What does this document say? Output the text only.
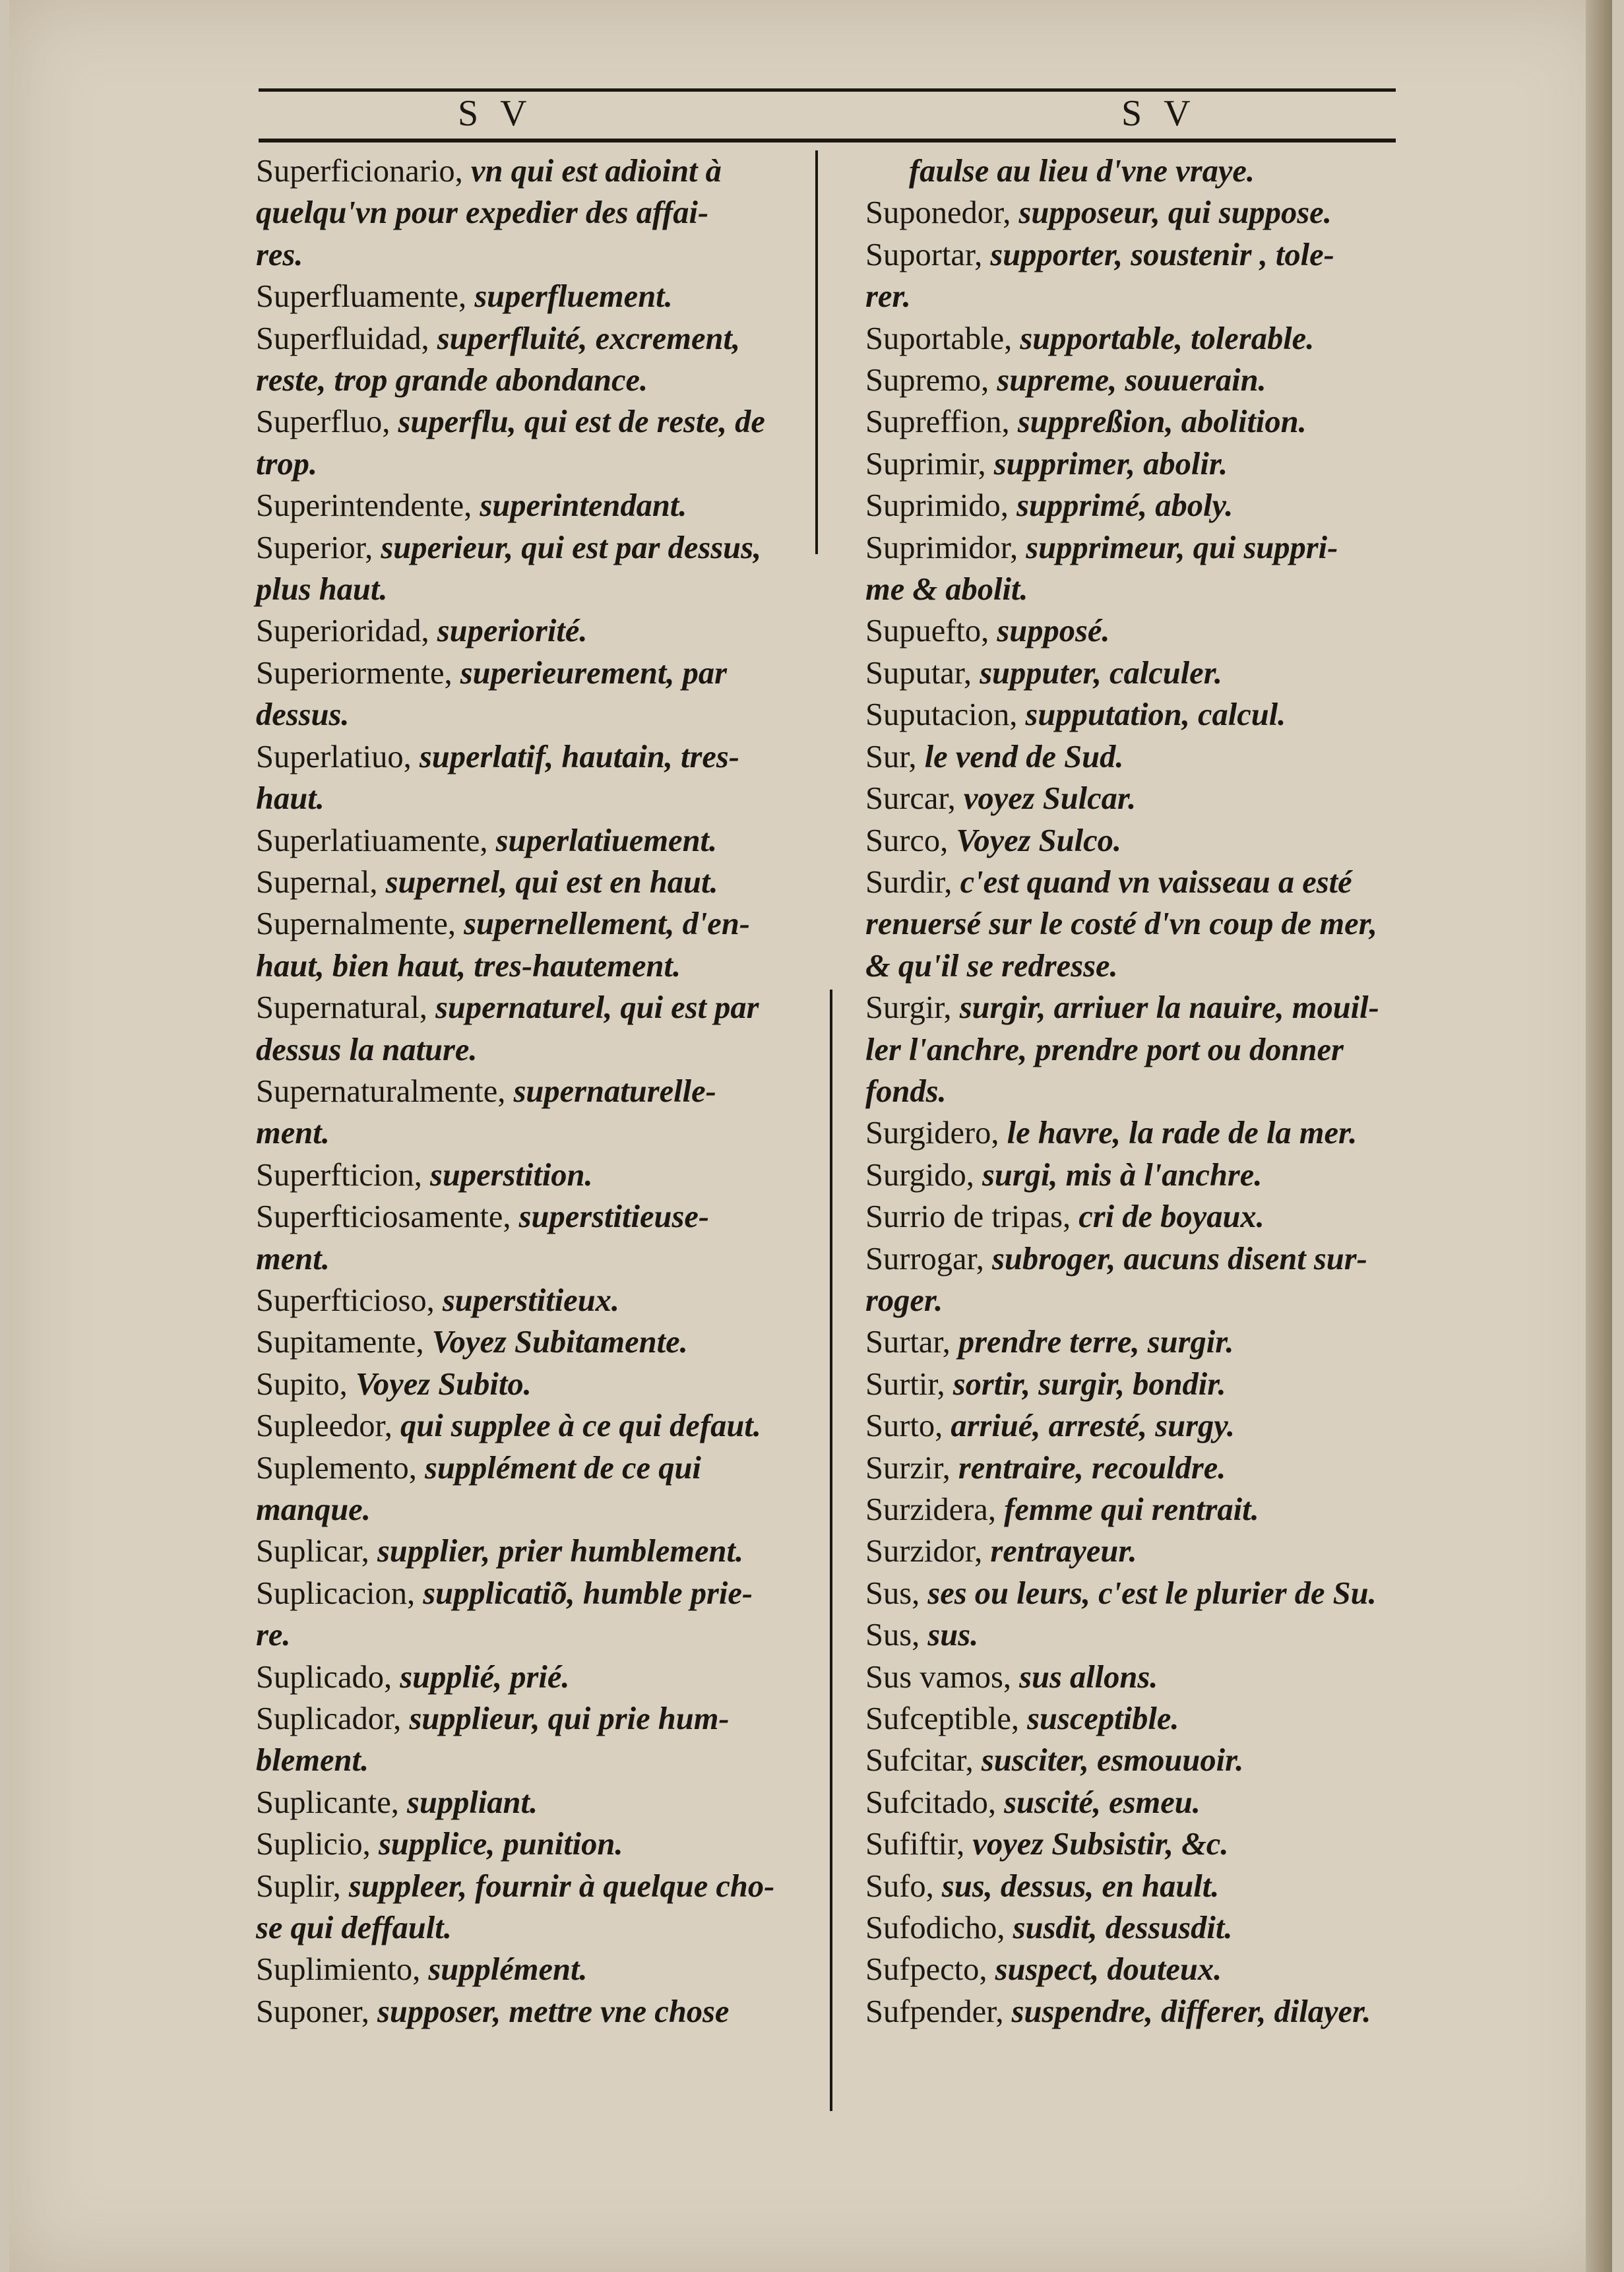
S V	S V
Superficionario, vn qui est adioint à
quelqu'vn pour expedier des affai-
res.
Superfluamente, superfluement.
Superfluidad, superfluité, excrement,
reste, trop grande abondance.
Superfluo, superflu, qui est de reste, de
trop.
Superintendente, superintendant.
Superior, superieur, qui est par dessus,
plus haut.
Superioridad, superiorité.
Superiormente, superieurement, par
dessus.
Superlatiuo, superlatif, hautain, tres-
haut.
Superlatiuamente, superlatiuement.
Supernal, supernel, qui est en haut.
Supernalmente, supernellement, d'en-
haut, bien haut, tres-hautement.
Supernatural, supernaturel, qui est par
dessus la nature.
Supernaturalmente, supernaturelle-
ment.
Superfticion, superstition.
Superfticiosamente, superstitieuse-
ment.
Superfticioso, superstitieux.
Supitamente, Voyez Subitamente.
Supito, Voyez Subito.
Supleedor, qui supplee à ce qui defaut.
Suplemento, supplément de ce qui
manque.
Suplicar, supplier, prier humblement.
Suplicacion, supplicatiõ, humble prie-
re.
Suplicado, supplié, prié.
Suplicador, supplieur, qui prie hum-
blement.
Suplicante, suppliant.
Suplicio, supplice, punition.
Suplir, suppleer, fournir à quelque cho-
se qui deffault.
Suplimiento, supplément.
Suponer, supposer, mettre vne chose
faulse au lieu d'vne vraye.
Suponedor, supposeur, qui suppose.
Suportar, supporter, soustenir , tole-
rer.
Suportable, supportable, tolerable.
Supremo, supreme, souuerain.
Supreffion, suppreßion, abolition.
Suprimir, supprimer, abolir.
Suprimido, supprimé, aboly.
Suprimidor, supprimeur, qui suppri-
me & abolit.
Supuefto, supposé.
Suputar, supputer, calculer.
Suputacion, supputation, calcul.
Sur, le vend de Sud.
Surcar, voyez Sulcar.
Surco, Voyez Sulco.
Surdir, c'est quand vn vaisseau a esté
renuersé sur le costé d'vn coup de mer,
& qu'il se redresse.
Surgir, surgir, arriuer la nauire, mouil-
ler l'anchre, prendre port ou donner
fonds.
Surgidero, le havre, la rade de la mer.
Surgido, surgi, mis à l'anchre.
Surrio de tripas, cri de boyaux.
Surrogar, subroger, aucuns disent sur-
roger.
Surtar, prendre terre, surgir.
Surtir, sortir, surgir, bondir.
Surto, arriué, arresté, surgy.
Surzir, rentraire, recouldre.
Surzidera, femme qui rentrait.
Surzidor, rentrayeur.
Sus, ses ou leurs, c'est le plurier de Su.
Sus, sus.
Sus vamos, sus allons.
Sufceptible, susceptible.
Sufcitar, susciter, esmouuoir.
Sufcitado, suscité, esmeu.
Sufiftir, voyez Subsistir, &c.
Sufo, sus, dessus, en hault.
Sufodicho, susdit, dessusdit.
Sufpecto, suspect, douteux.
Sufpender, suspendre, differer, dilayer.
